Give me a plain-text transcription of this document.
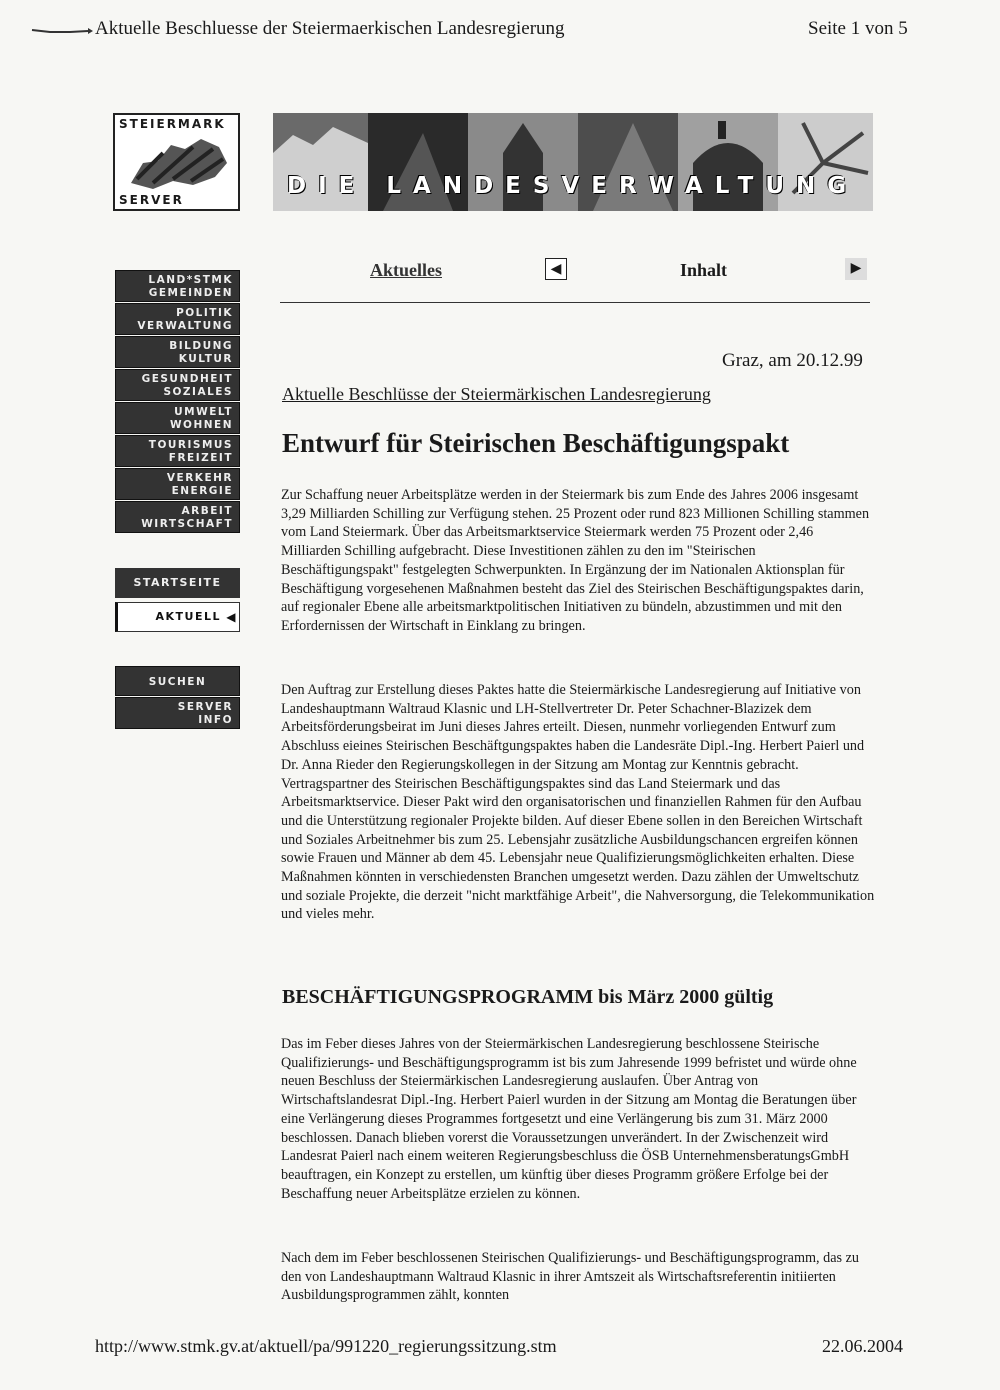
Aktuelle Beschluesse der Steiermaerkischen Landesregierung	Seite 1 von 5
STEIERMARK
SERVER
DIE LANDESVERWALTUNG
Aktuelles	◀	Inhalt	▶
LAND*STMK
GEMEINDEN
POLITIK
VERWALTUNG
BILDUNG
KULTUR
GESUNDHEIT
SOZIALES
UMWELT
WOHNEN
TOURISMUS
FREIZEIT
VERKEHR
ENERGIE
ARBEIT
WIRTSCHAFT
STARTSEITE
AKTUELL ◀
SUCHEN
SERVER
INFO
Graz, am 20.12.99
Aktuelle Beschlüsse der Steiermärkischen Landesregierung
Entwurf für Steirischen Beschäftigungspakt

Zur Schaffung neuer Arbeitsplätze werden in der Steiermark bis zum Ende des Jahres 2006 insgesamt 3,29 Milliarden Schilling zur Verfügung stehen. 25 Prozent oder rund 823 Millionen Schilling stammen vom Land Steiermark. Über das Arbeitsmarktservice Steiermark werden 75 Prozent oder 2,46 Milliarden Schilling aufgebracht. Diese Investitionen zählen zu den im "Steirischen Beschäftigungspakt" festgelegten Schwerpunkten. In Ergänzung der im Nationalen Aktionsplan für Beschäftigung vorgesehenen Maßnahmen besteht das Ziel des Steirischen Beschäftigungspaktes darin, auf regionaler Ebene alle arbeitsmarktpolitischen Initiativen zu bündeln, abzustimmen und mit den Erfordernissen der Wirtschaft in Einklang zu bringen.

Den Auftrag zur Erstellung dieses Paktes hatte die Steiermärkische Landesregierung auf Initiative von Landeshauptmann Waltraud Klasnic und LH-Stellvertreter Dr. Peter Schachner-Blazizek dem Arbeitsförderungsbeirat im Juni dieses Jahres erteilt. Diesen, nunmehr vorliegenden Entwurf zum Abschluss eieines Steirischen Beschäftgungspaktes haben die Landesräte Dipl.-Ing. Herbert Paierl und Dr. Anna Rieder den Regierungskollegen in der Sitzung am Montag zur Kenntnis gebracht. Vertragspartner des Steirischen Beschäftigungspaktes sind das Land Steiermark und das Arbeitsmarktservice. Dieser Pakt wird den organisatorischen und finanziellen Rahmen für den Aufbau und die Unterstützung regionaler Projekte bilden. Auf dieser Ebene sollen in den Bereichen Wirtschaft und Soziales Arbeitnehmer bis zum 25. Lebensjahr zusätzliche Ausbildungschancen ergreifen können sowie Frauen und Männer ab dem 45. Lebensjahr neue Qualifizierungsmöglichkeiten erhalten. Diese Maßnahmen könnten in verschiedensten Branchen umgesetzt werden. Dazu zählen der Umweltschutz und soziale Projekte, die derzeit "nicht marktfähige Arbeit", die Nahversorgung, die Telekommunikation und vieles mehr.

BESCHÄFTIGUNGSPROGRAMM bis März 2000 gültig

Das im Feber dieses Jahres von der Steiermärkischen Landesregierung beschlossene Steirische Qualifizierungs- und Beschäftigungsprogramm ist bis zum Jahresende 1999 befristet und würde ohne neuen Beschluss der Steiermärkischen Landesregierung auslaufen. Über Antrag von Wirtschaftslandesrat Dipl.-Ing. Herbert Paierl wurden in der Sitzung am Montag die Beratungen über eine Verlängerung dieses Programmes fortgesetzt und eine Verlängerung bis zum 31. März 2000 beschlossen. Danach blieben vorerst die Voraussetzungen unverändert. In der Zwischenzeit wird Landesrat Paierl nach einem weiteren Regierungsbeschluss die ÖSB UnternehmensberatungsGmbH beauftragen, ein Konzept zu erstellen, um künftig über dieses Programm größere Erfolge bei der Beschaffung neuer Arbeitsplätze erzielen zu können.

Nach dem im Feber beschlossenen Steirischen Qualifizierungs- und Beschäftigungsprogramm, das zu den von Landeshauptmann Waltraud Klasnic in ihrer Amtszeit als Wirtschaftsreferentin initiierten Ausbildungsprogrammen zählt, konnten

http://www.stmk.gv.at/aktuell/pa/991220_regierungssitzung.stm	22.06.2004
